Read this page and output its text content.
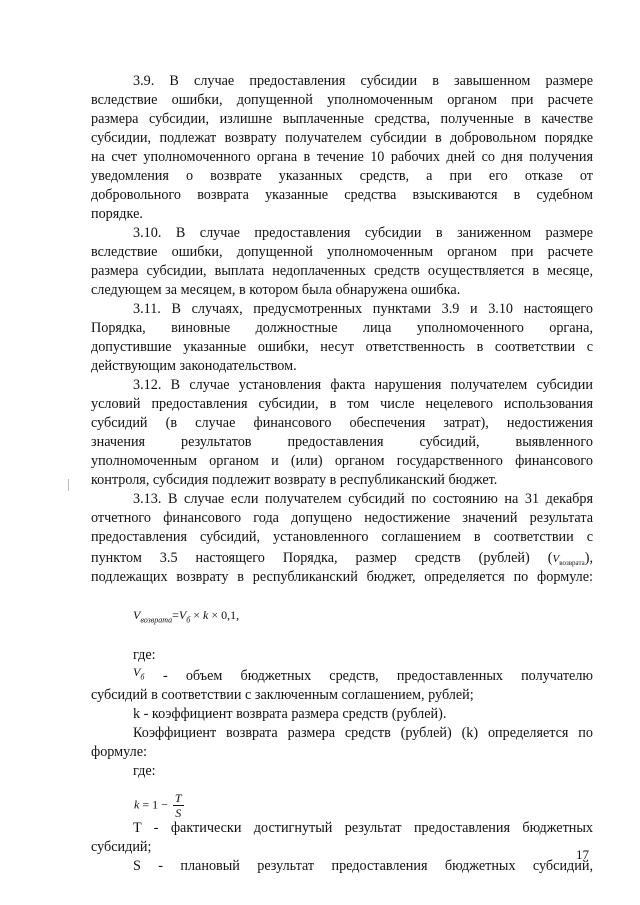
3.9. В случае предоставления субсидии в завышенном размере
вследствие ошибки, допущенной уполномоченным органом при расчете
размера субсидии, излишне выплаченные средства, полученные в качестве
субсидии, подлежат возврату получателем субсидии в добровольном порядке
на счет уполномоченного органа в течение 10 рабочих дней со дня получения
уведомления о возврате указанных средств, а при его отказе от
добровольного возврата указанные средства взыскиваются в судебном
порядке.
3.10. В случае предоставления субсидии в заниженном размере
вследствие ошибки, допущенной уполномоченным органом при расчете
размера субсидии, выплата недоплаченных средств осуществляется в месяце,
следующем за месяцем, в котором была обнаружена ошибка.
3.11. В случаях, предусмотренных пунктами 3.9 и 3.10 настоящего
Порядка, виновные должностные лица уполномоченного органа,
допустившие указанные ошибки, несут ответственность в соответствии с
действующим законодательством.
3.12. В случае установления факта нарушения получателем субсидии
условий предоставления субсидии, в том числе нецелевого использования
субсидий (в случае финансового обеспечения затрат), недостижения
значения результатов предоставления субсидий, выявленного
уполномоченным органом и (или) органом государственного финансового
контроля, субсидия подлежит возврату в республиканский бюджет.
3.13. В случае если получателем субсидий по состоянию на 31 декабря
отчетного финансового года допущено недостижение значений результата
предоставления субсидий, установленного соглашением в соответствии с
пунктом 3.5 настоящего Порядка, размер средств (рублей) $(V_{возврата})$,
подлежащих возврату в республиканский бюджет, определяется по формуле:
$V_{возврата}=V_б \times k \times 0,1$,
где:
$V_б$ - объем бюджетных средств, предоставленных получателю
субсидий в соответствии с заключенным соглашением, рублей;
k - коэффициент возврата размера средств (рублей).
Коэффициент возврата размера средств (рублей) (k) определяется по
формуле:
где:
$k = 1 - \frac{T}{S}$
T - фактически достигнутый результат предоставления бюджетных
субсидий;
S - плановый результат предоставления бюджетных субсидий,
17
